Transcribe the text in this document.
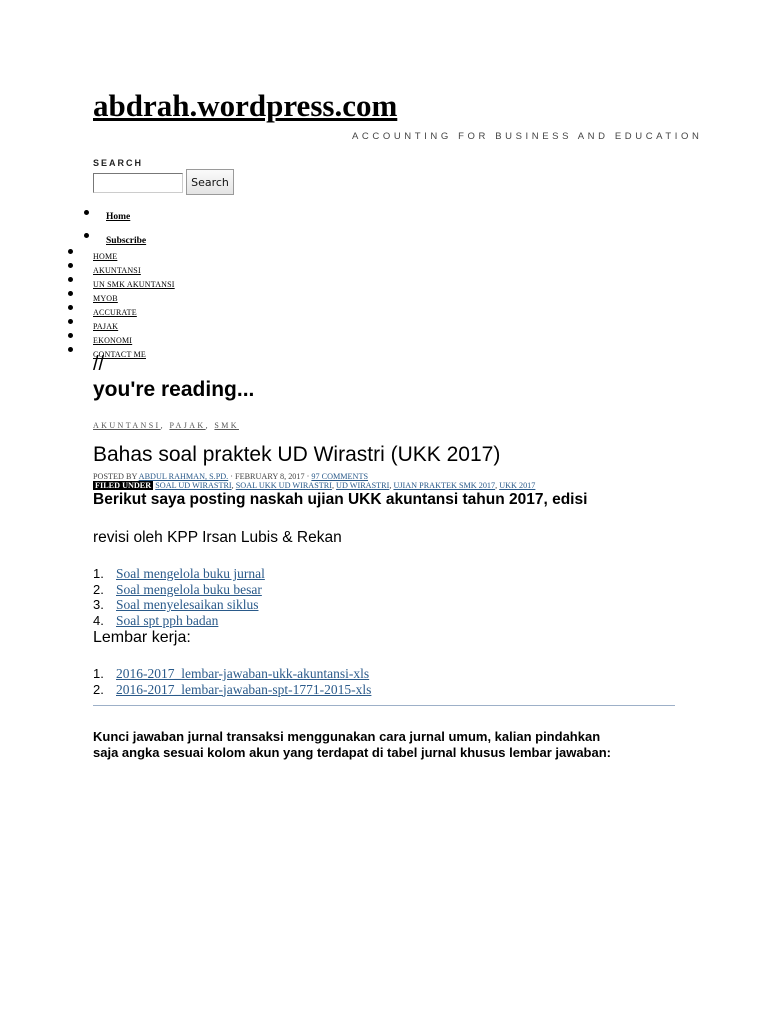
abdrah.wordpress.com
ACCOUNTING FOR BUSINESS AND EDUCATION
SEARCH
Search
Home
Subscribe
HOME
AKUNTANSI
UN SMK AKUNTANSI
MYOB
ACCURATE
PAJAK
EKONOMI
CONTACT ME
//
you're reading...
AKUNTANSI, PAJAK, SMK
Bahas soal praktek UD Wirastri (UKK 2017)
POSTED BY ABDUL RAHMAN, S.PD. · FEBRUARY 8, 2017 · 97 COMMENTS
FILED UNDER SOAL UD WIRASTRI, SOAL UKK UD WIRASTRI, UD WIRASTRI, UJIAN PRAKTEK SMK 2017, UKK 2017
Berikut saya posting naskah ujian UKK akuntansi tahun 2017, edisi
revisi oleh KPP Irsan Lubis & Rekan
1. Soal mengelola buku jurnal
2. Soal mengelola buku besar
3. Soal menyelesaikan siklus
4. Soal spt pph badan
Lembar kerja:
1. 2016-2017_lembar-jawaban-ukk-akuntansi-xls
2. 2016-2017_lembar-jawaban-spt-1771-2015-xls
Kunci jawaban jurnal transaksi menggunakan cara jurnal umum, kalian pindahkan
saja angka sesuai kolom akun yang terdapat di tabel jurnal khusus lembar jawaban:
